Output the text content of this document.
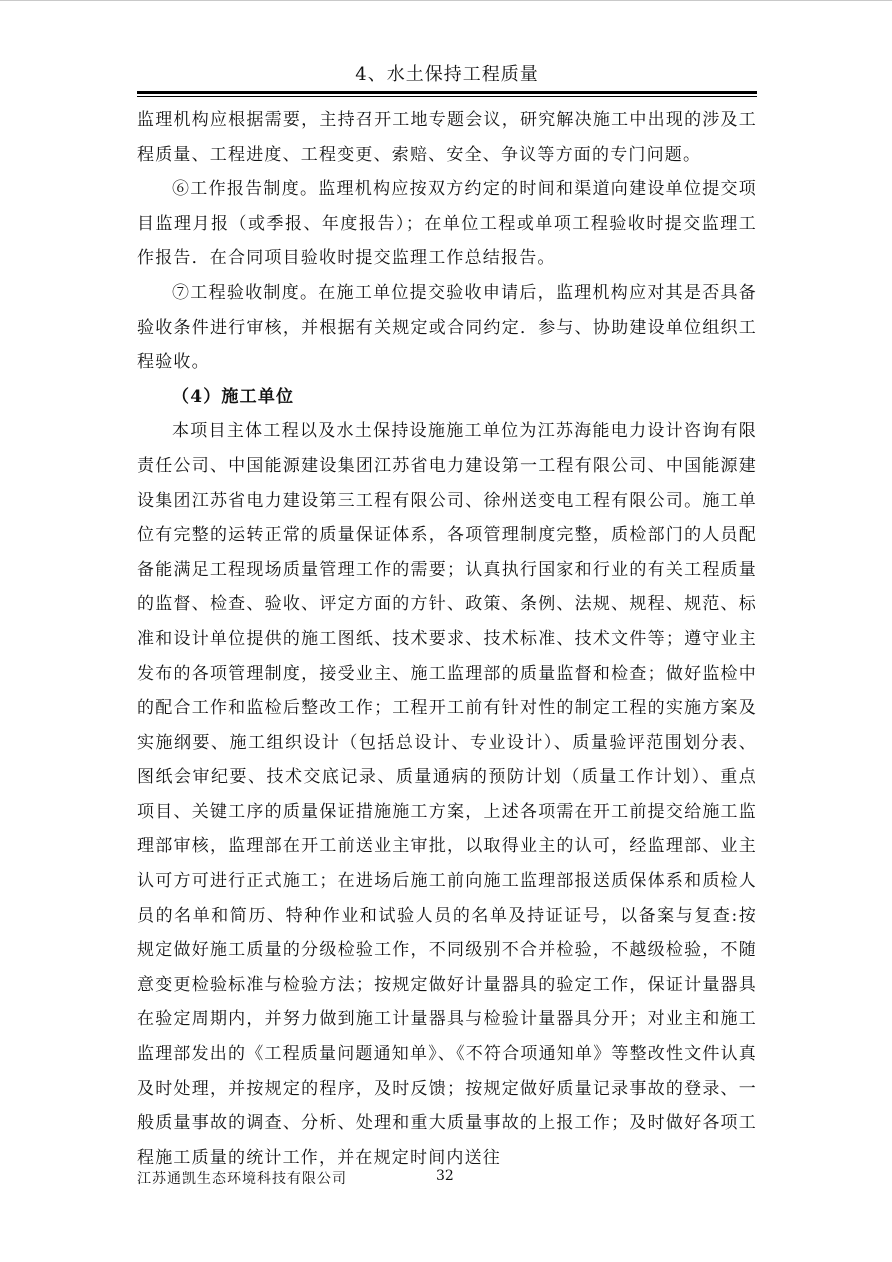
4、水土保持工程质量

监理机构应根据需要，主持召开工地专题会议，研究解决施工中出现的涉及工程质量、工程进度、工程变更、索赔、安全、争议等方面的专门问题。

⑥工作报告制度。监理机构应按双方约定的时间和渠道向建设单位提交项目监理月报（或季报、年度报告）；在单位工程或单项工程验收时提交监理工作报告．在合同项目验收时提交监理工作总结报告。

⑦工程验收制度。在施工单位提交验收申请后，监理机构应对其是否具备验收条件进行审核，并根据有关规定或合同约定．参与、协助建设单位组织工程验收。

（4）施工单位

本项目主体工程以及水土保持设施施工单位为江苏海能电力设计咨询有限责任公司、中国能源建设集团江苏省电力建设第一工程有限公司、中国能源建设集团江苏省电力建设第三工程有限公司、徐州送变电工程有限公司。施工单位有完整的运转正常的质量保证体系，各项管理制度完整，质检部门的人员配备能满足工程现场质量管理工作的需要；认真执行国家和行业的有关工程质量的监督、检查、验收、评定方面的方针、政策、条例、法规、规程、规范、标准和设计单位提供的施工图纸、技术要求、技术标准、技术文件等；遵守业主发布的各项管理制度，接受业主、施工监理部的质量监督和检查；做好监检中的配合工作和监检后整改工作；工程开工前有针对性的制定工程的实施方案及实施纲要、施工组织设计（包括总设计、专业设计）、质量验评范围划分表、图纸会审纪要、技术交底记录、质量通病的预防计划（质量工作计划）、重点项目、关键工序的质量保证措施施工方案，上述各项需在开工前提交给施工监理部审核，监理部在开工前送业主审批，以取得业主的认可，经监理部、业主认可方可进行正式施工；在进场后施工前向施工监理部报送质保体系和质检人员的名单和简历、特种作业和试验人员的名单及持证证号，以备案与复查:按规定做好施工质量的分级检验工作，不同级别不合并检验，不越级检验，不随意变更检验标准与检验方法；按规定做好计量器具的验定工作，保证计量器具在验定周期内，并努力做到施工计量器具与检验计量器具分开；对业主和施工监理部发出的《工程质量问题通知单》、《不符合项通知单》等整改性文件认真及时处理，并按规定的程序，及时反馈；按规定做好质量记录事故的登录、一般质量事故的调查、分析、处理和重大质量事故的上报工作；及时做好各项工程施工质量的统计工作，并在规定时间内送往

江苏通凯生态环境科技有限公司	32
